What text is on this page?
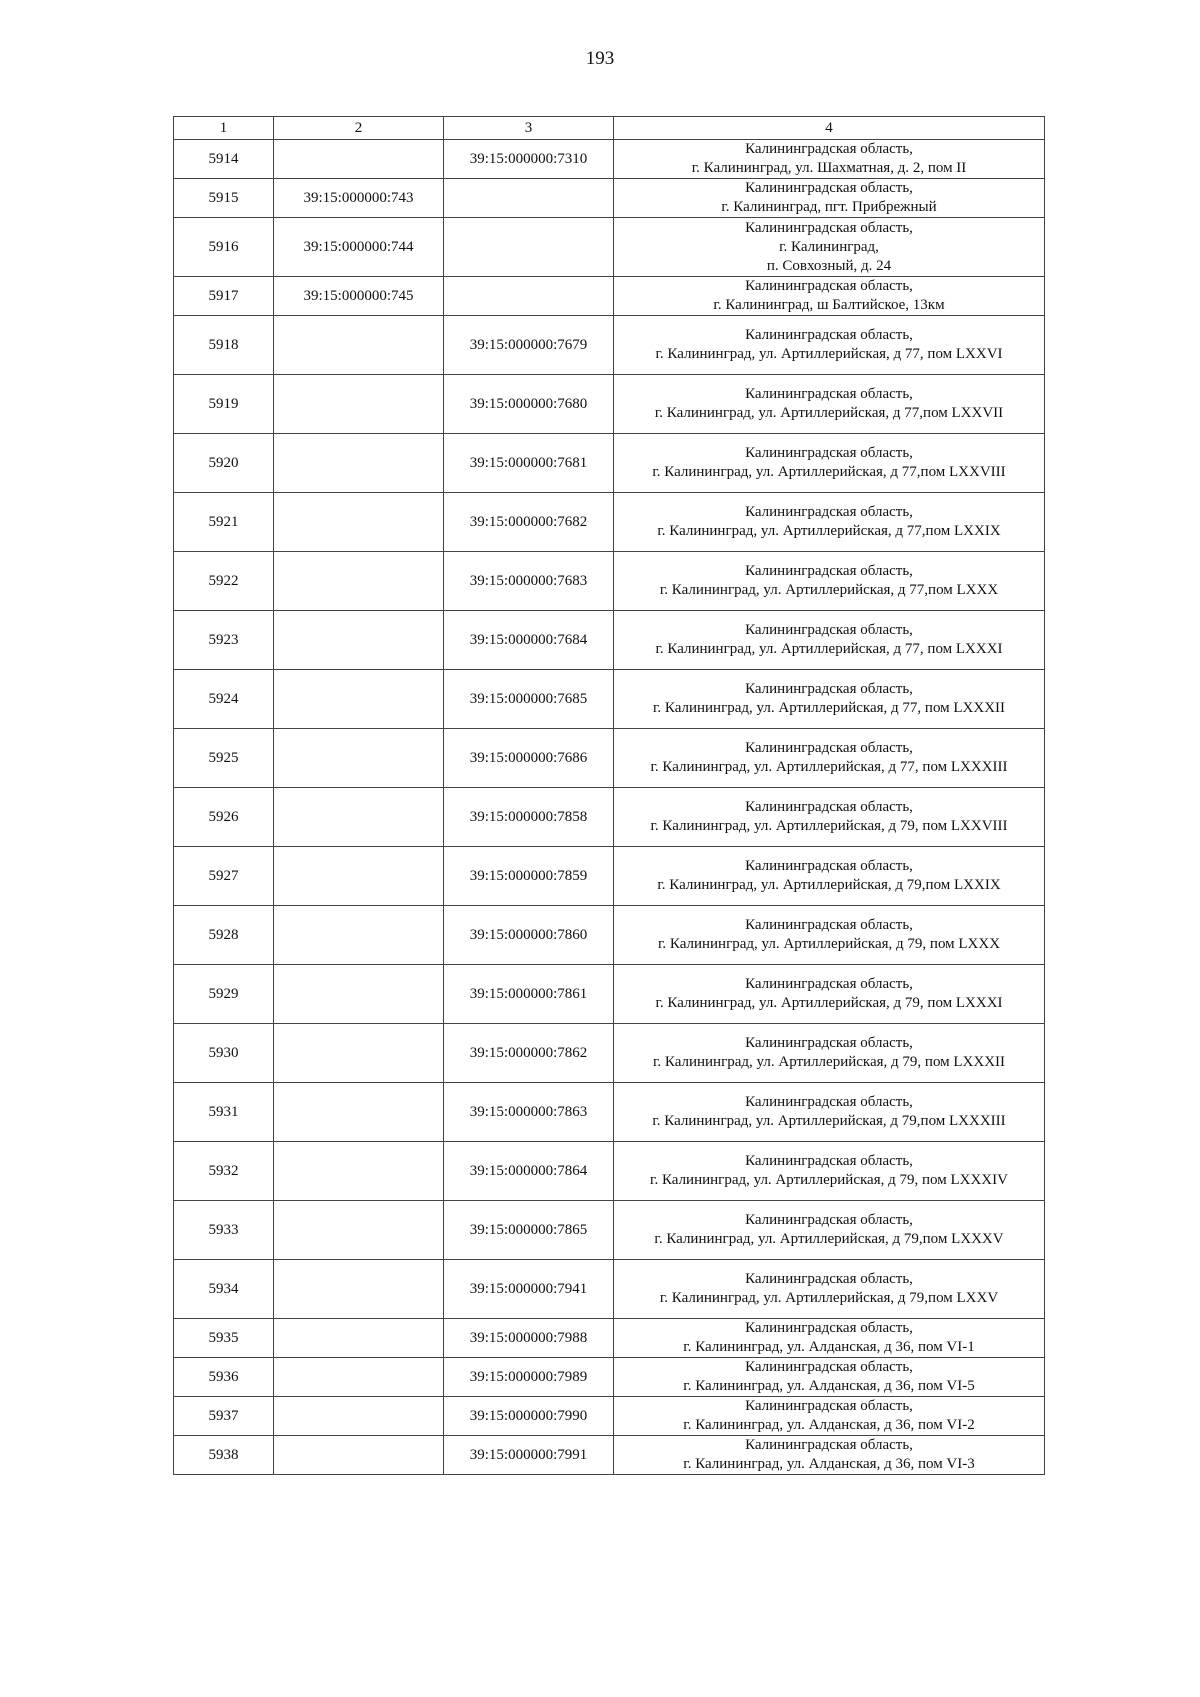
193
1	2	3	4
5914		39:15:000000:7310	Калининградская область,
г. Калининград, ул. Шахматная, д. 2, пом II

5915	39:15:000000:743		Калининградская область,
г. Калининград, пгт. Прибрежный

5916	39:15:000000:744		Калининградская область,
г. Калининград,
п. Совхозный, д. 24

5917	39:15:000000:745		Калининградская область,
г. Калининград, ш Балтийское, 13км

5918		39:15:000000:7679	Калининградская область,
г. Калининград, ул. Артиллерийская, д 77, пом LXXVI

5919		39:15:000000:7680	Калининградская область,
г. Калининград, ул. Артиллерийская, д 77,пом LXXVII

5920		39:15:000000:7681	Калининградская область,
г. Калининград, ул. Артиллерийская, д 77,пом LXXVIII

5921		39:15:000000:7682	Калининградская область,
г. Калининград, ул. Артиллерийская, д 77,пом LXXIX

5922		39:15:000000:7683	Калининградская область,
г. Калининград, ул. Артиллерийская, д 77,пом LXXX

5923		39:15:000000:7684	Калининградская область,
г. Калининград, ул. Артиллерийская, д 77, пом LXXXI

5924		39:15:000000:7685	Калининградская область,
г. Калининград, ул. Артиллерийская, д 77, пом LXXXII

5925		39:15:000000:7686	Калининградская область,
г. Калининград, ул. Артиллерийская, д 77, пом LXXXIII

5926		39:15:000000:7858	Калининградская область,
г. Калининград, ул. Артиллерийская, д 79, пом LXXVIII

5927		39:15:000000:7859	Калининградская область,
г. Калининград, ул. Артиллерийская, д 79,пом LXXIX

5928		39:15:000000:7860	Калининградская область,
г. Калининград, ул. Артиллерийская, д 79, пом LXXX

5929		39:15:000000:7861	Калининградская область,
г. Калининград, ул. Артиллерийская, д 79, пом LXXXI

5930		39:15:000000:7862	Калининградская область,
г. Калининград, ул. Артиллерийская, д 79, пом LXXXII

5931		39:15:000000:7863	Калининградская область,
г. Калининград, ул. Артиллерийская, д 79,пом LXXXIII

5932		39:15:000000:7864	Калининградская область,
г. Калининград, ул. Артиллерийская, д 79, пом LXXXIV

5933		39:15:000000:7865	Калининградская область,
г. Калининград, ул. Артиллерийская, д 79,пом LXXXV

5934		39:15:000000:7941	Калининградская область,
г. Калининград, ул. Артиллерийская, д 79,пом LXXV

5935		39:15:000000:7988	Калининградская область,
г. Калининград, ул. Алданская, д 36, пом VI-1

5936		39:15:000000:7989	Калининградская область,
г. Калининград, ул. Алданская, д 36, пом VI-5

5937		39:15:000000:7990	Калининградская область,
г. Калининград, ул. Алданская, д 36, пом VI-2

5938		39:15:000000:7991	Калининградская область,
г. Калининград, ул. Алданская, д 36, пом VI-3
